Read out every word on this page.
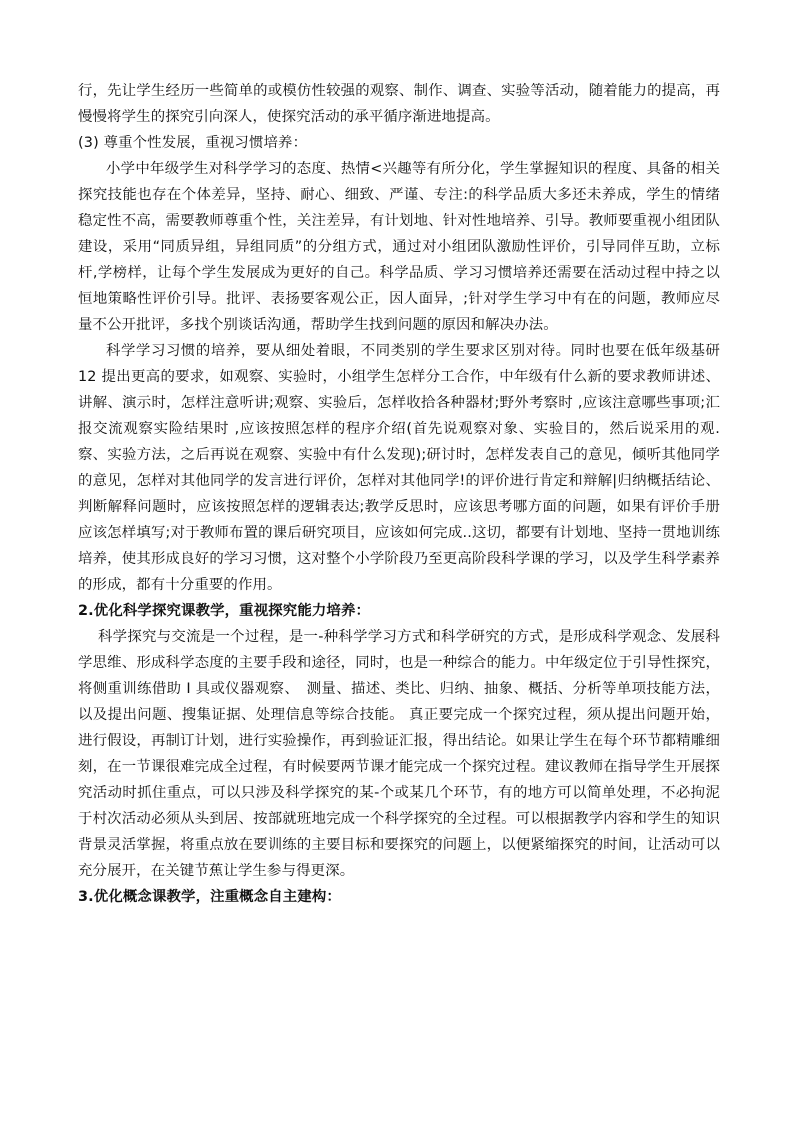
行，先让学生经历一些简单的或模仿性较强的观察、制作、调查、实验等活动，随着能力的提高，再慢慢将学生的探究引向深人，使探究活动的承平循序渐进地提高。

(3) 尊重个性发展，重视习惯培养：

小学中年级学生对科学学习的态度、热情<兴趣等有所分化，学生掌握知识的程度、具备的相关探究技能也存在个体差异，坚持、耐心、细致、严谨、专注:的科学品质大多还未养成，学生的情绪稳定性不高，需要教师尊重个性，关注差异，有计划地、针对性地培养、引导。教师要重视小组团队建设，采用“同质异组，异组同质”的分组方式，通过对小组团队激励性评价，引导同伴互助，立标杆,学榜样，让每个学生发展成为更好的自己。科学品质、学习习惯培养还需要在活动过程中持之以恒地策略性评价引导。批评、表扬要客观公正，因人面异，;针对学生学习中有在的问题，教师应尽量不公开批评，多找个别谈话沟通，帮助学生找到问题的原因和解决办法。

科学学习习惯的培养，要从细处着眼，不同类别的学生要求区别对待。同时也要在低年级基研 12 提出更高的要求，如观察、实验时，小组学生怎样分工合作，中年级有什么新的要求教师讲述、讲解、演示时，怎样注意听讲;观察、实验后，怎样收拾各种器材;野外考察时 ,应该注意哪些事项;汇报交流观察实险结果时 ,应该按照怎样的程序介绍(首先说观察对象、实验目的，然后说采用的观. 察、实验方法，之后再说在观察、实验中有什么发现);研讨时，怎样发表自己的意见，倾听其他同学的意见，怎样对其他同学的发言进行评价，怎样对其他同学!的评价进行肯定和辩解|归纳概括结论、判断解释问题时，应该按照怎样的逻辑表达;教学反思时，应该思考哪方面的问题，如果有评价手册应该怎样填写;对于教师布置的课后研究项目，应该如何完成..这切，都要有计划地、坚持一贯地训练培养，使其形成良好的学习习惯，这对整个小学阶段乃至更高阶段科学课的学习，以及学生科学素养的形成，都有十分重要的作用。

2.优化科学探究课教学，重视探究能力培养：

科学探究与交流是一个过程，是一-种科学学习方式和科学研究的方式，是形成科学观念、发展科学思维、形成科学态度的主要手段和途径，同时，也是一种综合的能力。中年级定位于引导性探究，将侧重训练借助 I 具或仪器观察、　测量、描述、类比、归纳、抽象、概括、分析等单项技能方法，以及提出问题、搜集证据、处理信息等综合技能。 真正要完成一个探究过程，须从提出问题开始，进行假设，再制订计划，进行实验操作，再到验证汇报，得出结论。如果让学生在每个环节都精雕细刻，在一节课很难完成全过程，有时候要两节课才能完成一个探究过程。建议教师在指导学生开展探究活动时抓住重点，可以只涉及科学探究的某-个或某几个环节，有的地方可以简单处理，不必拘泥于村次活动必须从头到居、按部就班地完成一个科学探究的全过程。可以根据教学内容和学生的知识背景灵活掌握，将重点放在要训练的主要目标和要探究的问题上，以便紧缩探究的时间，让活动可以充分展开，在关键节蕉让学生参与得更深。

3.优化概念课教学，注重概念自主建构：
